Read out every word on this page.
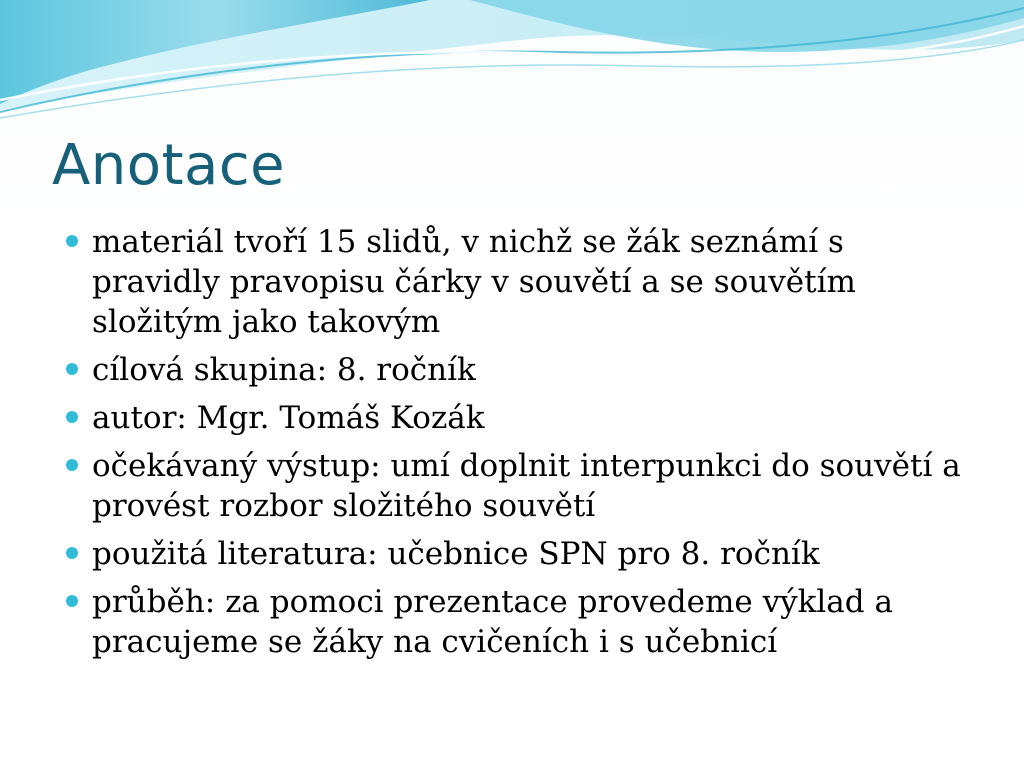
Anotace
materiál tvoří 15 slidů, v nichž se žák seznámí s pravidly pravopisu čárky v souvětí a se souvětím složitým jako takovým
cílová skupina: 8. ročník
autor: Mgr. Tomáš Kozák
očekávaný výstup: umí doplnit interpunkci do souvětí a provést rozbor složitého souvětí
použitá literatura: učebnice SPN pro 8. ročník
průběh: za pomoci prezentace provedeme výklad a pracujeme se žáky na cvičeních i s učebnicí
